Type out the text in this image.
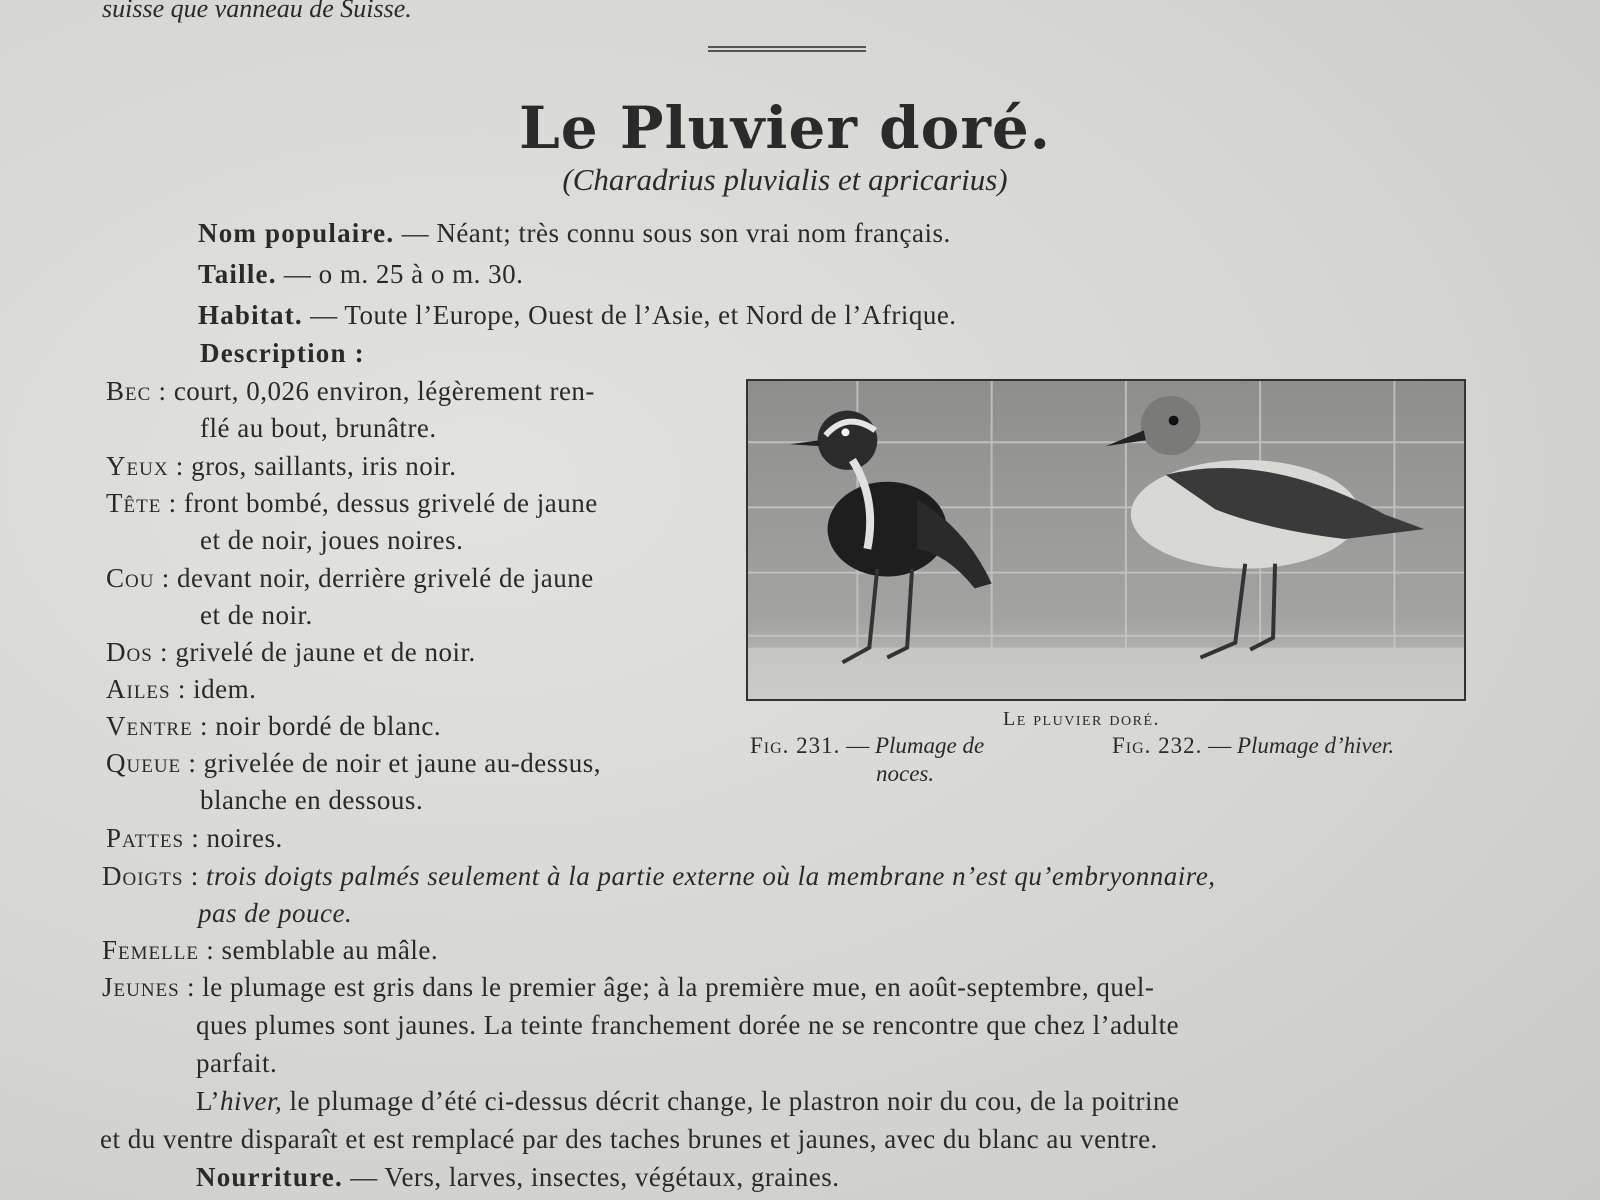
suisse que vanneau de Suisse.
Le Pluvier doré.
(Charadrius pluvialis et apricarius)
Nom populaire. — Néant; très connu sous son vrai nom français.
Taille. — o m. 25 à o m. 30.
Habitat. — Toute l’Europe, Ouest de l’Asie, et Nord de l’Afrique.
Description :
Bec : court, 0,026 environ, légèrement ren-
flé au bout, brunâtre.
Yeux : gros, saillants, iris noir.
Tête : front bombé, dessus grivelé de jaune
et de noir, joues noires.
Cou : devant noir, derrière grivelé de jaune
et de noir.
Dos : grivelé de jaune et de noir.
Ailes : idem.
Ventre : noir bordé de blanc.
Queue : grivelée de noir et jaune au-dessus,
blanche en dessous.
Pattes : noires.
Doigts : trois doigts palmés seulement à la partie externe où la membrane n’est qu’embryonnaire,
pas de pouce.
Femelle : semblable au mâle.
Jeunes : le plumage est gris dans le premier âge; à la première mue, en août-septembre, quel-
ques plumes sont jaunes. La teinte franchement dorée ne se rencontre que chez l’adulte
parfait.
L’hiver, le plumage d’été ci-dessus décrit change, le plastron noir du cou, de la poitrine
et du ventre disparaît et est remplacé par des taches brunes et jaunes, avec du blanc au ventre.
Nourriture. — Vers, larves, insectes, végétaux, graines.
Le pluvier doré.
Fig. 231. — Plumage de
noces.
Fig. 232. — Plumage d’hiver.
